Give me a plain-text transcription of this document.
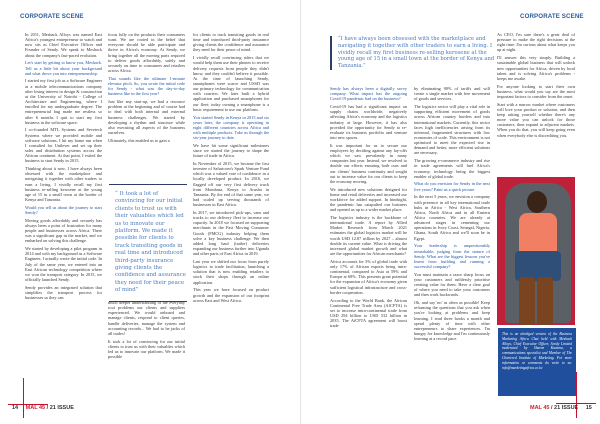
CORPORATE SCENE

In 2011, Meshack Alloys was named East Africa's youngest entrepreneur to watch and now sits as Chief Executive Officer and Founder of Sendy. We speak to Meshack about the company's fast-paced evolution.

Let's start by getting to know you, Meshack. Tell us a little bit about your background and what drove you into entrepreneurship.

I started my first job as a Software Engineer at a mobile telecommunications company after losing interest in design & construction at the University of Nairobi - College of Architecture and Engineering, where I enrolled for my undergraduate degree. The entrepreneurial bug made me restless so after 6 months I quit to start my first business in the software space.

I co-founded MTL Systems and Sevetech Systems where we provided mobile and software solutions. I hit my home run when I consulted for Unilever and set up their sales and distribution systems across the African continent. At that point, I exited the business to start Sendy in 2015.

Thinking about it now, I have always been obsessed with the marketplace and navigating it together with other traders to earn a living. I vividly recall my first business re-selling kerosene at the young age of 15 in a small town at the border of Kenya and Tanzania.

Would you tell us about the journey to start Sendy?

Moving goods affordably and securely has always been a point of frustration for many people and businesses across Africa. There was a significant gap in the market, and we embarked on solving this challenge.

We started by developing a pilot program in 2014 and with my background as a Software Engineer, I actually wrote the initial code. In July of the same year, we entered into an East African technology competition where we won the transport category. In 2015, we officially launched Sendy.

Sendy provides an integrated solution that simplifies the transport process for businesses so they can

focus fully on the products their consumers want. We are rooted in the belief that everyone should be able participate and thrive in Africa's economy. At Sendy, we bring together all the moving parts required to deliver goods affordably, safely and securely on time to consumers and retailers across Africa.

That sounds like the ultimate 1-minute elevator pitch. So, you wrote the initial code for Sendy - what was the day-to-day business like in the first year?

Just like any start-up, we had a resource problem at the beginning and of course had to deal with both internal and external business challenges. We started by developing a rhythm and structure while also executing all aspects of the business ourselves.

Ultimately, this enabled us to gain a

“ It took a lot of convincing for our initial clients to trust us with their valuables which led us to innovate our platform. We made it possible for clients to track transiting goods in real time and introduced third-party insurance giving clients the confidence and assurance they need for their peace of mind”

much deeper understanding of the everyday root problems our clients and suppliers experienced. We would onboard and manage clients, respond to client queries, handle deliveries, manage the system and accounting records... We had to be jacks of all trades!

It took a lot of convincing for our initial clients to trust us with their valuables which led us to innovate our platform. We made it possible

for clients to track transiting goods in real time and introduced third-party insurance giving clients the confidence and assurance they need for their peace of mind.

I vividly recall convincing riders that we would help them use their phones to receive delivery requests from people they didn't know, and they couldn't believe it possible. At the time of launching Sendy, smartphones were scarce and USSD was our primary technology for communication with couriers. We later built a hybrid application and purchased smartphones for our fleet; today owning a smartphone is a basic requirement to use our platform.

You started Sendy in Kenya in 2015 and six years later, the company is operating in eight different countries across Africa and with multiple products. Take us through the six-year journey to date.

We have hit some significant milestones since we started the journey to shape the future of trade in Africa.

In November of 2015, we became the first investee of Safaricom's Spark Venture Fund which was a valued vote of confidence in a locally developed product. In 2016, we flagged off our very first delivery truck from Mombasa, Kenya to Arusha in Tanzania. By the end of that same year, we had scaled up serving thousands of businesses in East Africa.

In 2017, we introduced pick-ups, vans and trucks to our delivery fleet to increase our capacity. In 2018 we focused on supporting merchants in the Fast Moving Consumer Goods (FMCG) industry helping them solve a key business challenge. We then added long haul (trailer) deliveries expanding our business further into Uganda and other parts of East Africa in 2019.

Last year we shifted our focus from purely logistics to trade facilitation, launching a solution that is now enabling retailers to stock their shops through an online application.

This year we have focused on product growth and the expansion of our footprint across East and West Africa.

14 MAL 45 / 21 ISSUE
CORPORATE SCENE
“I have always been obsessed with the marketplace and navigating it together with other traders to earn a living. I vividly recall my first business re-selling kerosene at the young age of 15 in a small town at the border of Kenya and Tanzania.”

Sendy has always been a digitally savvy company. What impact has the ongoing Covid-19 pandemic had on the business?

Covid-19 has had a significant impact on supply chains worldwide, negatively affecting Africa's economy and the logistics industry at large. However, it has also provided the opportunity for Sendy to re-evaluate its business portfolio and venture into new spaces.

It was important for us to secure our employees by deciding against any lay-offs which we saw prevalently in many companies last year. Instead, we resolved to double our efforts ensuring both ours and our clients' business continuity and sought out to increase value for our clients to keep the economy moving.

We introduced new solutions designed for home and retail deliveries and increased our workforce for added support. In hindsight, the pandemic has catapulted our business and opened us up to a wider market place.

The logistics industry is the backbone of international trade. A report by Allied Market Research from March 2021 estimates the global logistics market will be worth USD 12.87 trillion by 2027 – almost double its current value. What is driving the increased global market growth and what are the opportunities for African merchants?

Africa accounts for 3% of global trade with only 17% of African exports being intra-continental, compared to Asia at 59% and Europe at 68%. This presents great potential for the expansion of Africa's economy given sufficient logistical infrastructure and cross-border cooperation.

According to the World Bank, the African Continental Free Trade Area (AfCFTA) is set to increase intra-continental trade from USD 294 billion to USD 532 billion in 2035. The AfCFTA agreement will boost trade

by eliminating 90% of tariffs and will create a single market with free movement of goods and services.

The logistics sector will play a vital role in supporting efficient movement of goods across African country borders and into international markets. Currently, this sector faces high inefficiencies arising from its informal, fragmented structures with low economies of scale. This environment is not optimised to meet the expected rise in demand and better, more efficient solutions are necessary.

The growing e-commerce industry and rise in trade agreements will fuel Africa's economy, technology being the biggest enabler of global trade.

What do you envision for Sendy in the next five years? Paint us a quick picture.

In the next 5 years, we envision a company with presence in all key international trade hubs in Africa - West Africa, Southern Africa, North Africa and in all Eastern Africa countries. We are already at advanced stages in cementing our operations in Ivory Coast, Senegal, Nigeria, Ghana, South Africa and we'll soon be in Egypt.

Your leadership is unquestionably remarkable, judging from the stature of Sendy. What are the biggest lessons you've learnt from building and running a successful company?

You must maintain a razor sharp focus on your customers and ruthlessly prioritise creating value for them. Have a clear goal of where you need to take your customers and then work backwards.

Oh, and say 'no' as often as possible! Keep reframing the questions that you ask when you're looking at problems and keep learning. I read three books a month and spend plenty of time with other entrepreneurs to share experiences. I'm hungry for knowledge and I'm continuously learning at a record pace.

As CEO, I'm sure there's a great deal of pressure to make the right decisions at the right time. I'm curious about what keeps you up at night.

I'll answer this very simply. Building a sustainable global business that will unlock new opportunities for Africa, driven by local talent and is solving Africa's problems - keeps me awake.

For anyone looking to start their own business, what would you say are the most important factors to consider from the onset.

Start with a narrow market where customers will love your product or solution, and then keep asking yourself whether there's any more value you can unlock for those customers, then expand to adjacent markets. When you do that, you will keep going even when everybody else is discrediting you.

This is an abridged version of the Business Marketing Africa Chat held with Meshack Alloys, Chief Executive Officer, Sendy Limited moderated by Sharon Kavuma, a communications specialist and Member of The Chartered Institute of Marketing. For more information or comments do write to us: info@marketingafrica.co.ke
MAL 45 / 21 ISSUE 15
